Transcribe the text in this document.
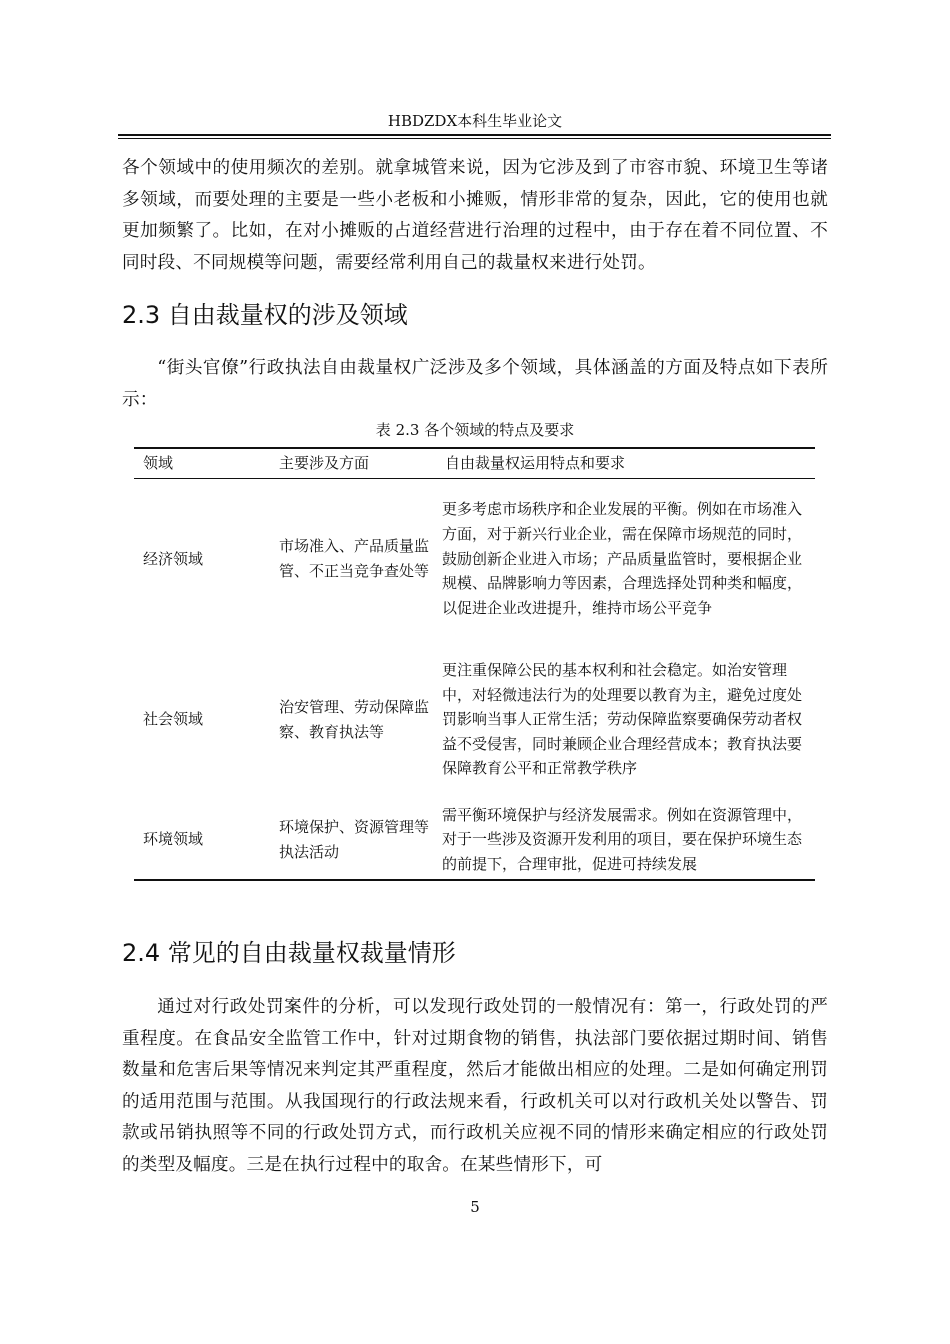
HBDZDX本科生毕业论文

各个领域中的使用频次的差别。就拿城管来说，因为它涉及到了市容市貌、环境卫生等诸多领域，而要处理的主要是一些小老板和小摊贩，情形非常的复杂，因此，它的使用也就更加频繁了。比如，在对小摊贩的占道经营进行治理的过程中，由于存在着不同位置、不同时段、不同规模等问题，需要经常利用自己的裁量权来进行处罚。

2.3 自由裁量权的涉及领域

“街头官僚”行政执法自由裁量权广泛涉及多个领域，具体涵盖的方面及特点如下表所示：

表 2.3 各个领域的特点及要求
领域	主要涉及方面	自由裁量权运用特点和要求
经济领域	市场准入、产品质量监管、不正当竞争查处等	更多考虑市场秩序和企业发展的平衡。例如在市场准入方面，对于新兴行业企业，需在保障市场规范的同时，鼓励创新企业进入市场；产品质量监管时，要根据企业规模、品牌影响力等因素，合理选择处罚种类和幅度，以促进企业改进提升，维持市场公平竞争
社会领域	治安管理、劳动保障监察、教育执法等	更注重保障公民的基本权利和社会稳定。如治安管理中，对轻微违法行为的处理要以教育为主，避免过度处罚影响当事人正常生活；劳动保障监察要确保劳动者权益不受侵害，同时兼顾企业合理经营成本；教育执法要保障教育公平和正常教学秩序
环境领域	环境保护、资源管理等执法活动	需平衡环境保护与经济发展需求。例如在资源管理中，对于一些涉及资源开发利用的项目，要在保护环境生态的前提下，合理审批，促进可持续发展
2.4 常见的自由裁量权裁量情形

通过对行政处罚案件的分析，可以发现行政处罚的一般情况有：第一，行政处罚的严重程度。在食品安全监管工作中，针对过期食物的销售，执法部门要依据过期时间、销售数量和危害后果等情况来判定其严重程度，然后才能做出相应的处理。二是如何确定刑罚的适用范围与范围。从我国现行的行政法规来看，行政机关可以对行政机关处以警告、罚款或吊销执照等不同的行政处罚方式，而行政机关应视不同的情形来确定相应的行政处罚的类型及幅度。三是在执行过程中的取舍。在某些情形下，可

5
